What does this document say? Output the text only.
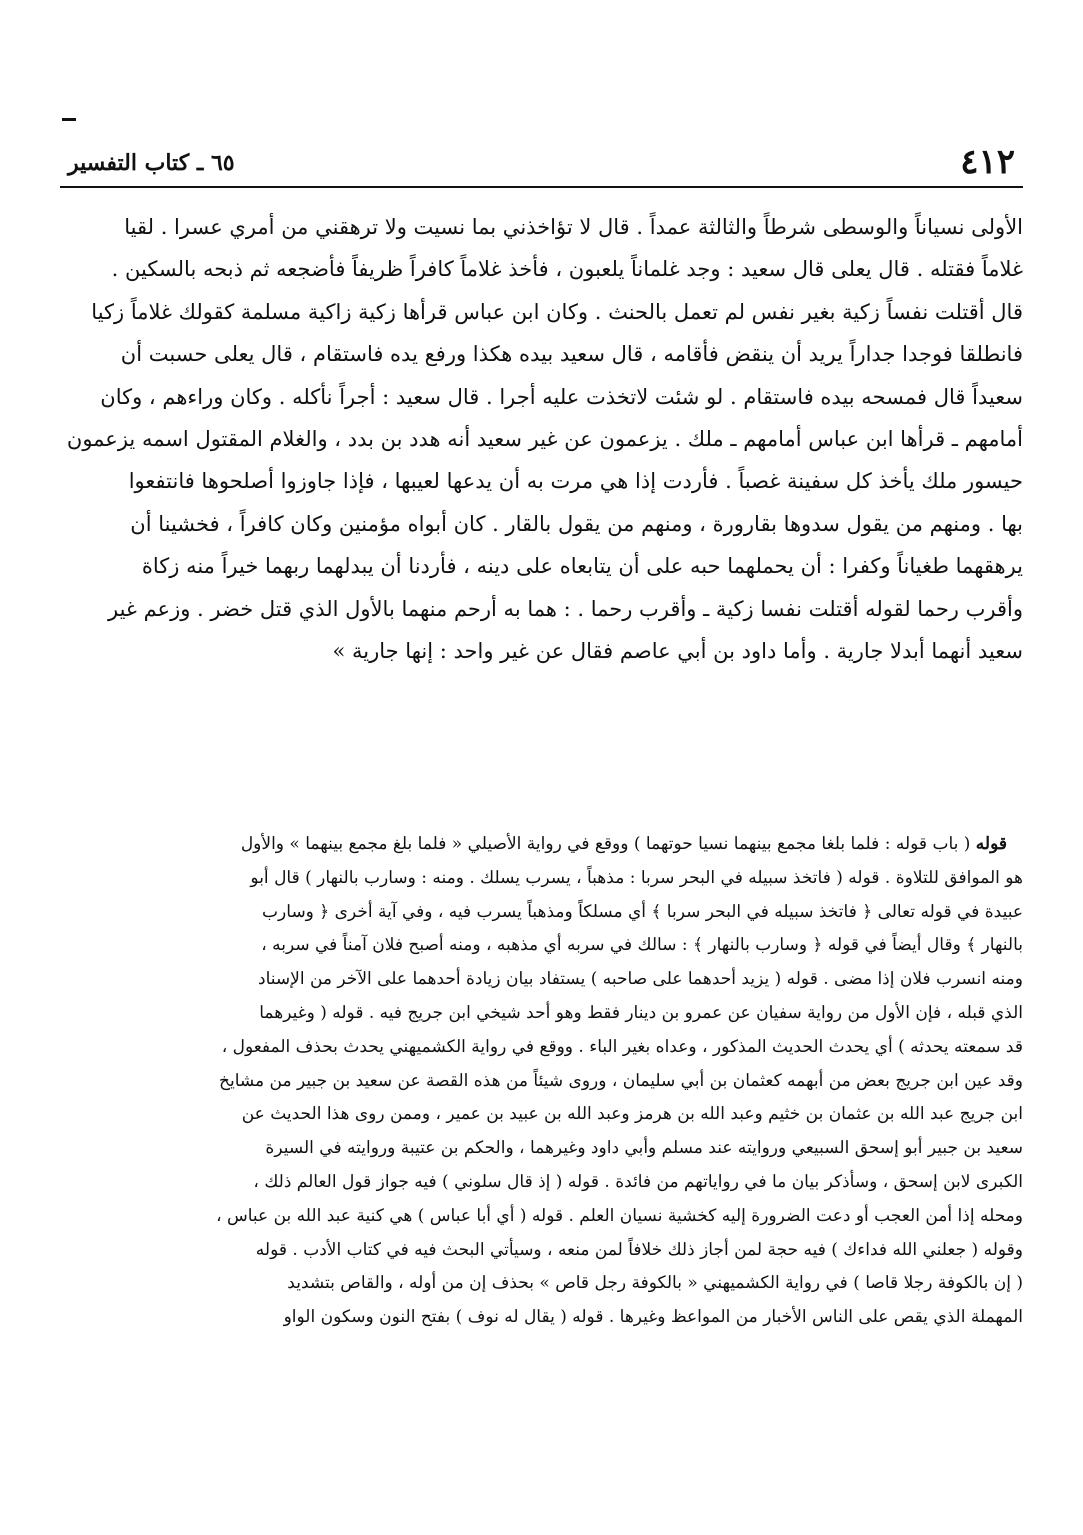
٤١٢
٦٥ ـ كتاب التفسير
الأولى نسياناً والوسطى شرطاً والثالثة عمداً . قال لا تؤاخذني بما نسيت ولا ترهقني من أمري عسرا . لقيا
غلاماً فقتله . قال يعلى قال سعيد : وجد غلماناً يلعبون ، فأخذ غلاماً كافراً ظريفاً فأضجعه ثم ذبحه بالسكين .
قال أقتلت نفساً زكية بغير نفس لم تعمل بالحنث . وكان ابن عباس قرأها زكية زاكية مسلمة كقولك غلاماً زكيا
فانطلقا فوجدا جداراً يريد أن ينقض فأقامه ، قال سعيد بيده هكذا ورفع يده فاستقام ، قال يعلى حسبت أن
سعيداً قال فمسحه بيده فاستقام . لو شئت لاتخذت عليه أجرا . قال سعيد : أجراً نأكله . وكان وراءهم ، وكان
أمامهم ـ قرأها ابن عباس أمامهم ـ ملك . يزعمون عن غير سعيد أنه هدد بن بدد ، والغلام المقتول اسمه يزعمون
حيسور ملك يأخذ كل سفينة غصباً . فأردت إذا هي مرت به أن يدعها لعيبها ، فإذا جاوزوا أصلحوها فانتفعوا
بها . ومنهم من يقول سدوها بقارورة ، ومنهم من يقول بالقار . كان أبواه مؤمنين وكان كافراً ، فخشينا أن
يرهقهما طغياناً وكفرا : أن يحملهما حبه على أن يتابعاه على دينه ، فأردنا أن يبدلهما ربهما خيراً منه زكاة
وأقرب رحما لقوله أقتلت نفسا زكية ـ وأقرب رحما . : هما به أرحم منهما بالأول الذي قتل خضر . وزعم غير
سعيد أنهما أبدلا جارية . وأما داود بن أبي عاصم فقال عن غير واحد : إنها جارية »
قوله ( باب قوله : فلما بلغا مجمع بينهما نسيا حوتهما ) ووقع في رواية الأصيلي « فلما بلغ مجمع بينهما » والأول
هو الموافق للتلاوة . قوله ( فاتخذ سبيله في البحر سربا : مذهباً ، يسرب يسلك . ومنه : وسارب بالنهار ) قال أبو
عبيدة في قوله تعالى ﴿ فاتخذ سبيله في البحر سربا ﴾ أي مسلكاً ومذهباً يسرب فيه ، وفي آية أخرى ﴿ وسارب
بالنهار ﴾ وقال أيضاً في قوله ﴿ وسارب بالنهار ﴾ : سالك في سربه أي مذهبه ، ومنه أصبح فلان آمناً في سربه ،
ومنه انسرب فلان إذا مضى . قوله ( يزيد أحدهما على صاحبه ) يستفاد بيان زيادة أحدهما على الآخر من الإسناد
الذي قبله ، فإن الأول من رواية سفيان عن عمرو بن دينار فقط وهو أحد شيخي ابن جريج فيه . قوله ( وغيرهما
قد سمعته يحدثه ) أي يحدث الحديث المذكور ، وعداه بغير الباء . ووقع في رواية الكشميهني يحدث بحذف المفعول ،
وقد عين ابن جريج بعض من أبهمه كعثمان بن أبي سليمان ، وروى شيئاً من هذه القصة عن سعيد بن جبير من مشايخ
ابن جريج عبد الله بن عثمان بن خثيم وعبد الله بن هرمز وعبد الله بن عبيد بن عمير ، وممن روى هذا الحديث عن
سعيد بن جبير أبو إسحق السبيعي وروايته عند مسلم وأبي داود وغيرهما ، والحكم بن عتيبة وروايته في السيرة
الكبرى لابن إسحق ، وسأذكر بيان ما في رواياتهم من فائدة . قوله ( إذ قال سلوني ) فيه جواز قول العالم ذلك ،
ومحله إذا أمن العجب أو دعت الضرورة إليه كخشية نسيان العلم . قوله ( أي أبا عباس ) هي كنية عبد الله بن عباس ،
وقوله ( جعلني الله فداءك ) فيه حجة لمن أجاز ذلك خلافاً لمن منعه ، وسيأتي البحث فيه في كتاب الأدب . قوله
( إن بالكوفة رجلا قاصا ) في رواية الكشميهني « بالكوفة رجل قاص » بحذف إن من أوله ، والقاص بتشديد
المهملة الذي يقص على الناس الأخبار من المواعظ وغيرها . قوله ( يقال له نوف ) بفتح النون وسكون الواو
